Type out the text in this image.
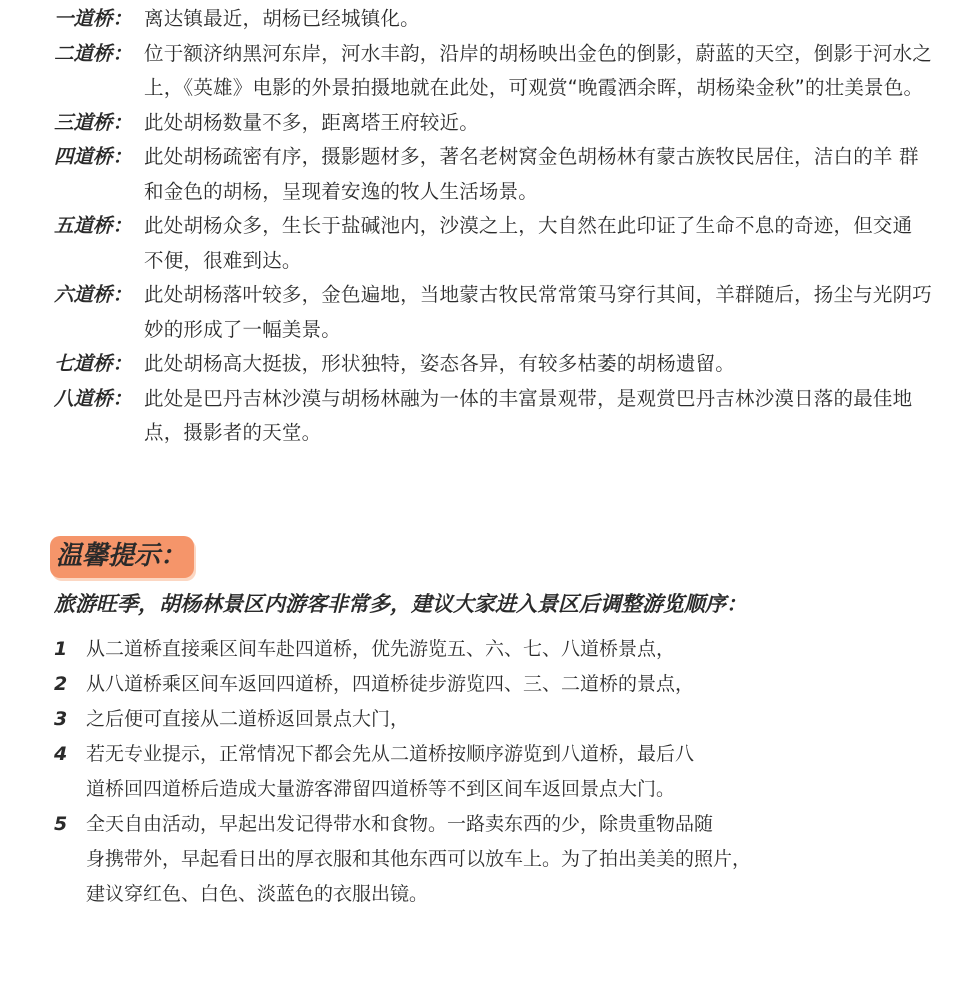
一道桥： 离达镇最近，胡杨已经城镇化。
二道桥： 位于额济纳黑河东岸，河水丰韵，沿岸的胡杨映出金色的倒影，蔚蓝的天空，倒影于河水之上，《英雄》电影的外景拍摄地就在此处，可观赏“晚霞洒余晖，胡杨染金秋”的壮美景色。
三道桥： 此处胡杨数量不多，距离塔王府较近。
四道桥： 此处胡杨疏密有序，摄影题材多，著名老树窝金色胡杨林有蒙古族牧民居住，洁白的羊 群和金色的胡杨，呈现着安逸的牧人生活场景。
五道桥： 此处胡杨众多，生长于盐碱池内，沙漠之上，大自然在此印证了生命不息的奇迹，但交通 不便，很难到达。
六道桥： 此处胡杨落叶较多，金色遍地，当地蒙古牧民常常策马穿行其间，羊群随后，扬尘与光阴巧妙的形成了一幅美景。
七道桥： 此处胡杨高大挺拔，形状独特，姿态各异，有较多枯萎的胡杨遗留。
八道桥： 此处是巴丹吉林沙漠与胡杨林融为一体的丰富景观带，是观赏巴丹吉林沙漠日落的最佳地点，摄影者的天堂。
温馨提示：
旅游旺季，胡杨林景区内游客非常多，建议大家进入景区后调整游览顺序：
1 从二道桥直接乘区间车赴四道桥，优先游览五、六、七、八道桥景点，
2 从八道桥乘区间车返回四道桥，四道桥徒步游览四、三、二道桥的景点，
3 之后便可直接从二道桥返回景点大门，
4 若无专业提示，正常情况下都会先从二道桥按顺序游览到八道桥，最后八
道桥回四道桥后造成大量游客滞留四道桥等不到区间车返回景点大门。
5 全天自由活动，早起出发记得带水和食物。一路卖东西的少，除贵重物品随
身携带外，早起看日出的厚衣服和其他东西可以放车上。为了拍出美美的照片，
建议穿红色、白色、淡蓝色的衣服出镜。
